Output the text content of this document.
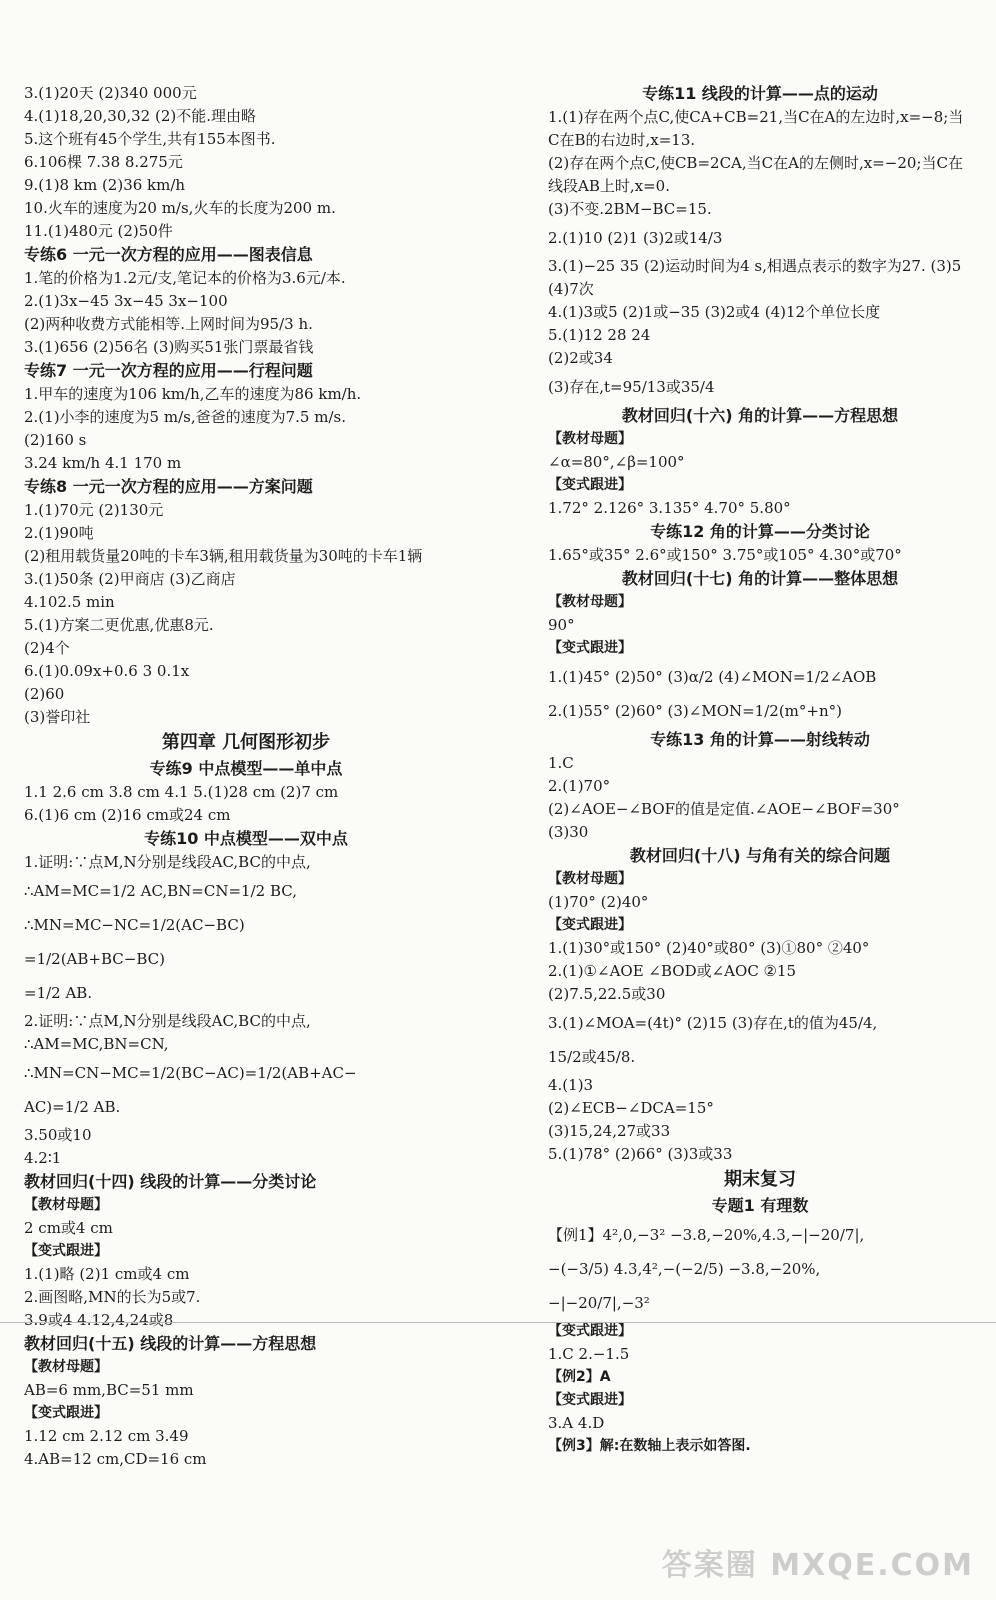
3.(1)20天 (2)340 000元
4.(1)18,20,30,32 (2)不能.理由略
5.这个班有45个学生,共有155本图书.
6.106棵 7.38 8.275元
9.(1)8 km (2)36 km/h
10.火车的速度为20 m/s,火车的长度为200 m.
11.(1)480元 (2)50件
专练6 一元一次方程的应用——图表信息
1.笔的价格为1.2元/支,笔记本的价格为3.6元/本.
2.(1)3x−45 3x−45 3x−100
(2)两种收费方式能相等.上网时间为95/3 h.
3.(1)656 (2)56名 (3)购买51张门票最省钱
专练7 一元一次方程的应用——行程问题
1.甲车的速度为106 km/h,乙车的速度为86 km/h.
2.(1)小李的速度为5 m/s,爸爸的速度为7.5 m/s.
(2)160 s
3.24 km/h 4.1 170 m
专练8 一元一次方程的应用——方案问题
1.(1)70元 (2)130元
2.(1)90吨
(2)租用载货量20吨的卡车3辆,租用载货量为30吨的卡车1辆
3.(1)50条 (2)甲商店 (3)乙商店
4.102.5 min
5.(1)方案二更优惠,优惠8元.
(2)4个
6.(1)0.09x+0.6 3 0.1x
(2)60
(3)誉印社
第四章 几何图形初步
专练9 中点模型——单中点
1.1 2.6 cm 3.8 cm 4.1 5.(1)28 cm (2)7 cm
6.(1)6 cm (2)16 cm或24 cm
专练10 中点模型——双中点
1.证明:∵点M,N分别是线段AC,BC的中点,
∴AM=MC=1/2 AC,BN=CN=1/2 BC,
∴MN=MC−NC=1/2(AC−BC)
=1/2(AB+BC−BC)
=1/2 AB.
2.证明:∵点M,N分别是线段AC,BC的中点,
∴AM=MC,BN=CN,
∴MN=CN−MC=1/2(BC−AC)=1/2(AB+AC−
AC)=1/2 AB.
3.50或10
4.2∶1
教材回归(十四) 线段的计算——分类讨论
【教材母题】
2 cm或4 cm
【变式跟进】
1.(1)略 (2)1 cm或4 cm
2.画图略,MN的长为5或7.
3.9或4 4.12,4,24或8
教材回归(十五) 线段的计算——方程思想
【教材母题】
AB=6 mm,BC=51 mm
【变式跟进】
1.12 cm 2.12 cm 3.49
4.AB=12 cm,CD=16 cm
专练11 线段的计算——点的运动
1.(1)存在两个点C,使CA+CB=21,当C在A的左边时,x=−8;当C在B的右边时,x=13.
(2)存在两个点C,使CB=2CA,当C在A的左侧时,x=−20;当C在线段AB上时,x=0.
(3)不变.2BM−BC=15.
2.(1)10 (2)1 (3)2或14/3
3.(1)−25 35 (2)运动时间为4 s,相遇点表示的数字为27. (3)5 (4)7次
4.(1)3或5 (2)1或−35 (3)2或4 (4)12个单位长度
5.(1)12 28 24
(2)2或34
(3)存在,t=95/13或35/4
教材回归(十六) 角的计算——方程思想
【教材母题】
∠α=80°,∠β=100°
【变式跟进】
1.72° 2.126° 3.135° 4.70° 5.80°
专练12 角的计算——分类讨论
1.65°或35° 2.6°或150° 3.75°或105° 4.30°或70°
教材回归(十七) 角的计算——整体思想
【教材母题】
90°
【变式跟进】
1.(1)45° (2)50° (3)α/2 (4)∠MON=1/2∠AOB
2.(1)55° (2)60° (3)∠MON=1/2(m°+n°)
专练13 角的计算——射线转动
1.C
2.(1)70°
(2)∠AOE−∠BOF的值是定值.∠AOE−∠BOF=30°
(3)30
教材回归(十八) 与角有关的综合问题
【教材母题】
(1)70° (2)40°
【变式跟进】
1.(1)30°或150° (2)40°或80° (3)①80° ②40°
2.(1)①∠AOE ∠BOD或∠AOC ②15
(2)7.5,22.5或30
3.(1)∠MOA=(4t)° (2)15 (3)存在,t的值为45/4,
15/2或45/8.
4.(1)3
(2)∠ECB−∠DCA=15°
(3)15,24,27或33
5.(1)78° (2)66° (3)3或33
期末复习
专题1 有理数
【例1】4²,0,−3² −3.8,−20%,4.3,−|−20/7|,
−(−3/5) 4.3,4²,−(−2/5) −3.8,−20%,
−|−20/7|,−3²
【变式跟进】
1.C 2.−1.5
【例2】A
【变式跟进】
3.A 4.D
【例3】解:在数轴上表示如答图.
答案圈 MXQE.COM
